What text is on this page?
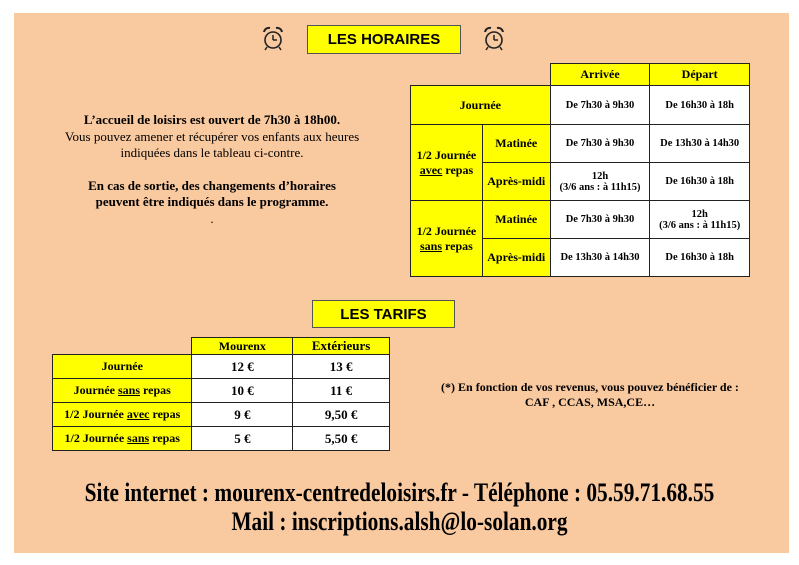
LES HORAIRES
L’accueil de loisirs est ouvert de 7h30 à 18h00.
Vous pouvez amener et récupérer vos enfants aux heures
indiquées dans le tableau ci-contre.
En cas de sortie, des changements d’horaires
peuvent être indiqués dans le programme.
.
		Arrivée	Départ
Journée		De 7h30 à 9h30	De 16h30 à 18h
1/2 Journée
avec repas	Matinée	De 7h30 à 9h30	De 13h30 à 14h30
	Après-midi	12h
(3/6 ans : à 11h15)	De 16h30 à 18h
1/2 Journée
sans repas	Matinée	De 7h30 à 9h30	12h
(3/6 ans : à 11h15)
	Après-midi	De 13h30 à 14h30	De 16h30 à 18h
LES TARIFS
	Mourenx	Extérieurs
Journée	12 €	13 €
Journée sans repas	10 €	11 €
1/2 Journée avec repas	9 €	9,50 €
1/2 Journée sans repas	5 €	5,50 €
(*) En fonction de vos revenus, vous pouvez bénéficier de :
CAF , CCAS, MSA,CE…
Site internet : mourenx-centredeloisirs.fr - Téléphone : 05.59.71.68.55
Mail : inscriptions.alsh@lo-solan.org
